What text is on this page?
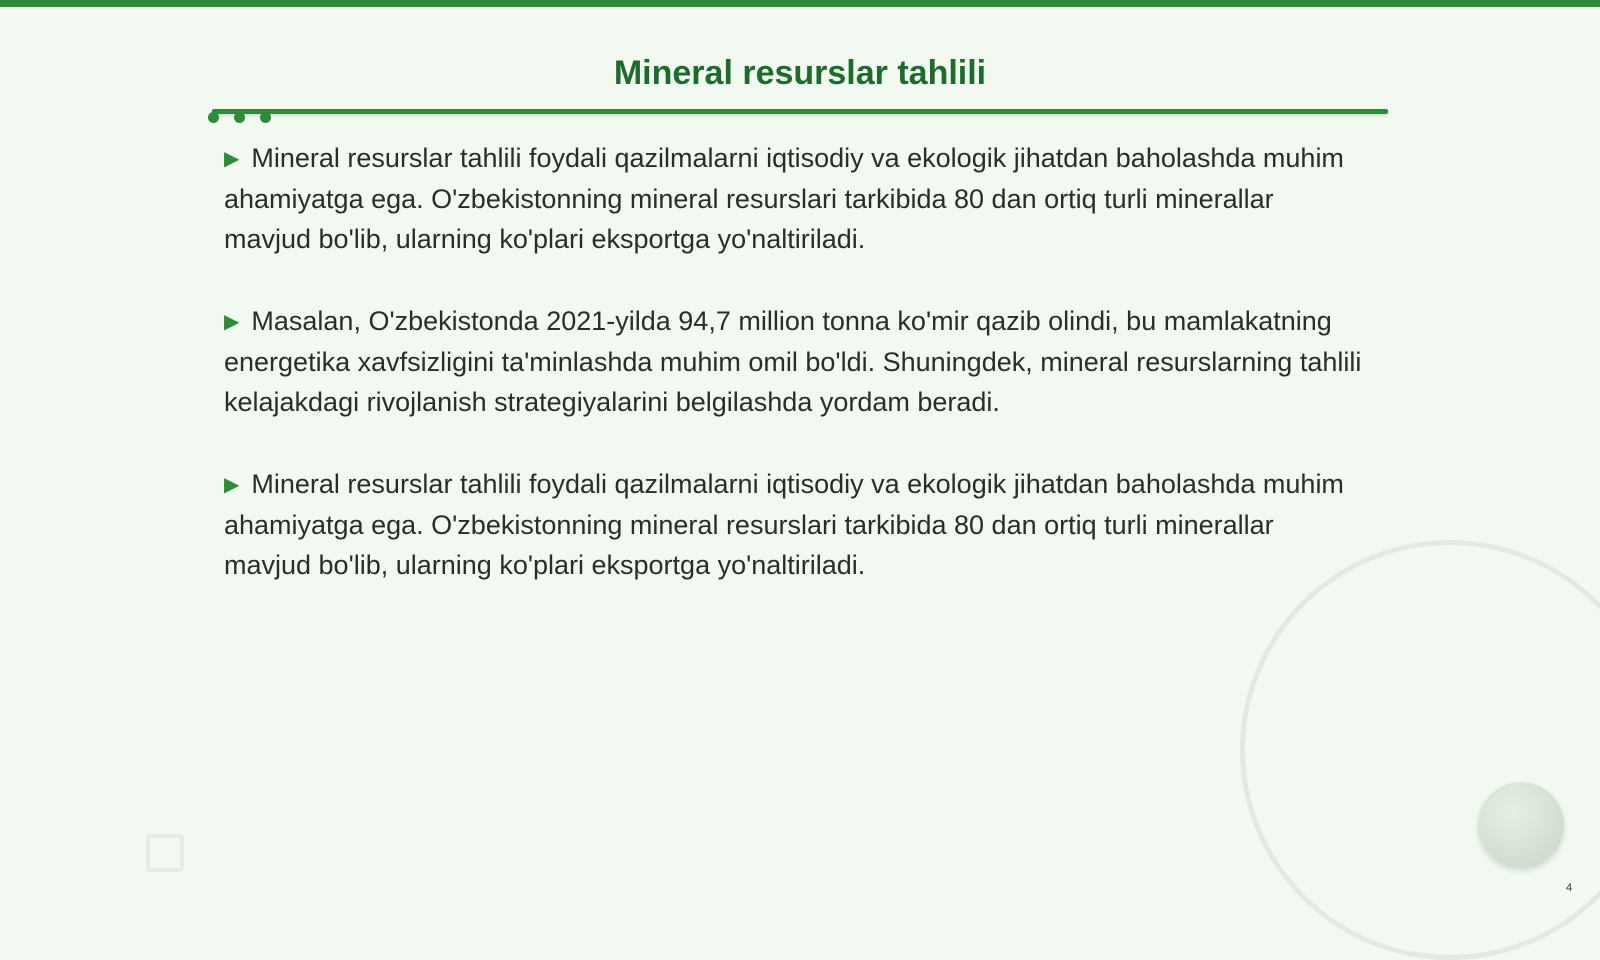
Mineral resurslar tahlili

▶ Mineral resurslar tahlili foydali qazilmalarni iqtisodiy va ekologik jihatdan baholashda muhim ahamiyatga ega. O'zbekistonning mineral resurslari tarkibida 80 dan ortiq turli minerallar mavjud bo'lib, ularning ko'plari eksportga yo'naltiriladi.

▶ Masalan, O'zbekistonda 2021-yilda 94,7 million tonna ko'mir qazib olindi, bu mamlakatning energetika xavfsizligini ta'minlashda muhim omil bo'ldi. Shuningdek, mineral resurslarning tahlili kelajakdagi rivojlanish strategiyalarini belgilashda yordam beradi.

▶ Mineral resurslar tahlili foydali qazilmalarni iqtisodiy va ekologik jihatdan baholashda muhim ahamiyatga ega. O'zbekistonning mineral resurslari tarkibida 80 dan ortiq turli minerallar mavjud bo'lib, ularning ko'plari eksportga yo'naltiriladi.

4
